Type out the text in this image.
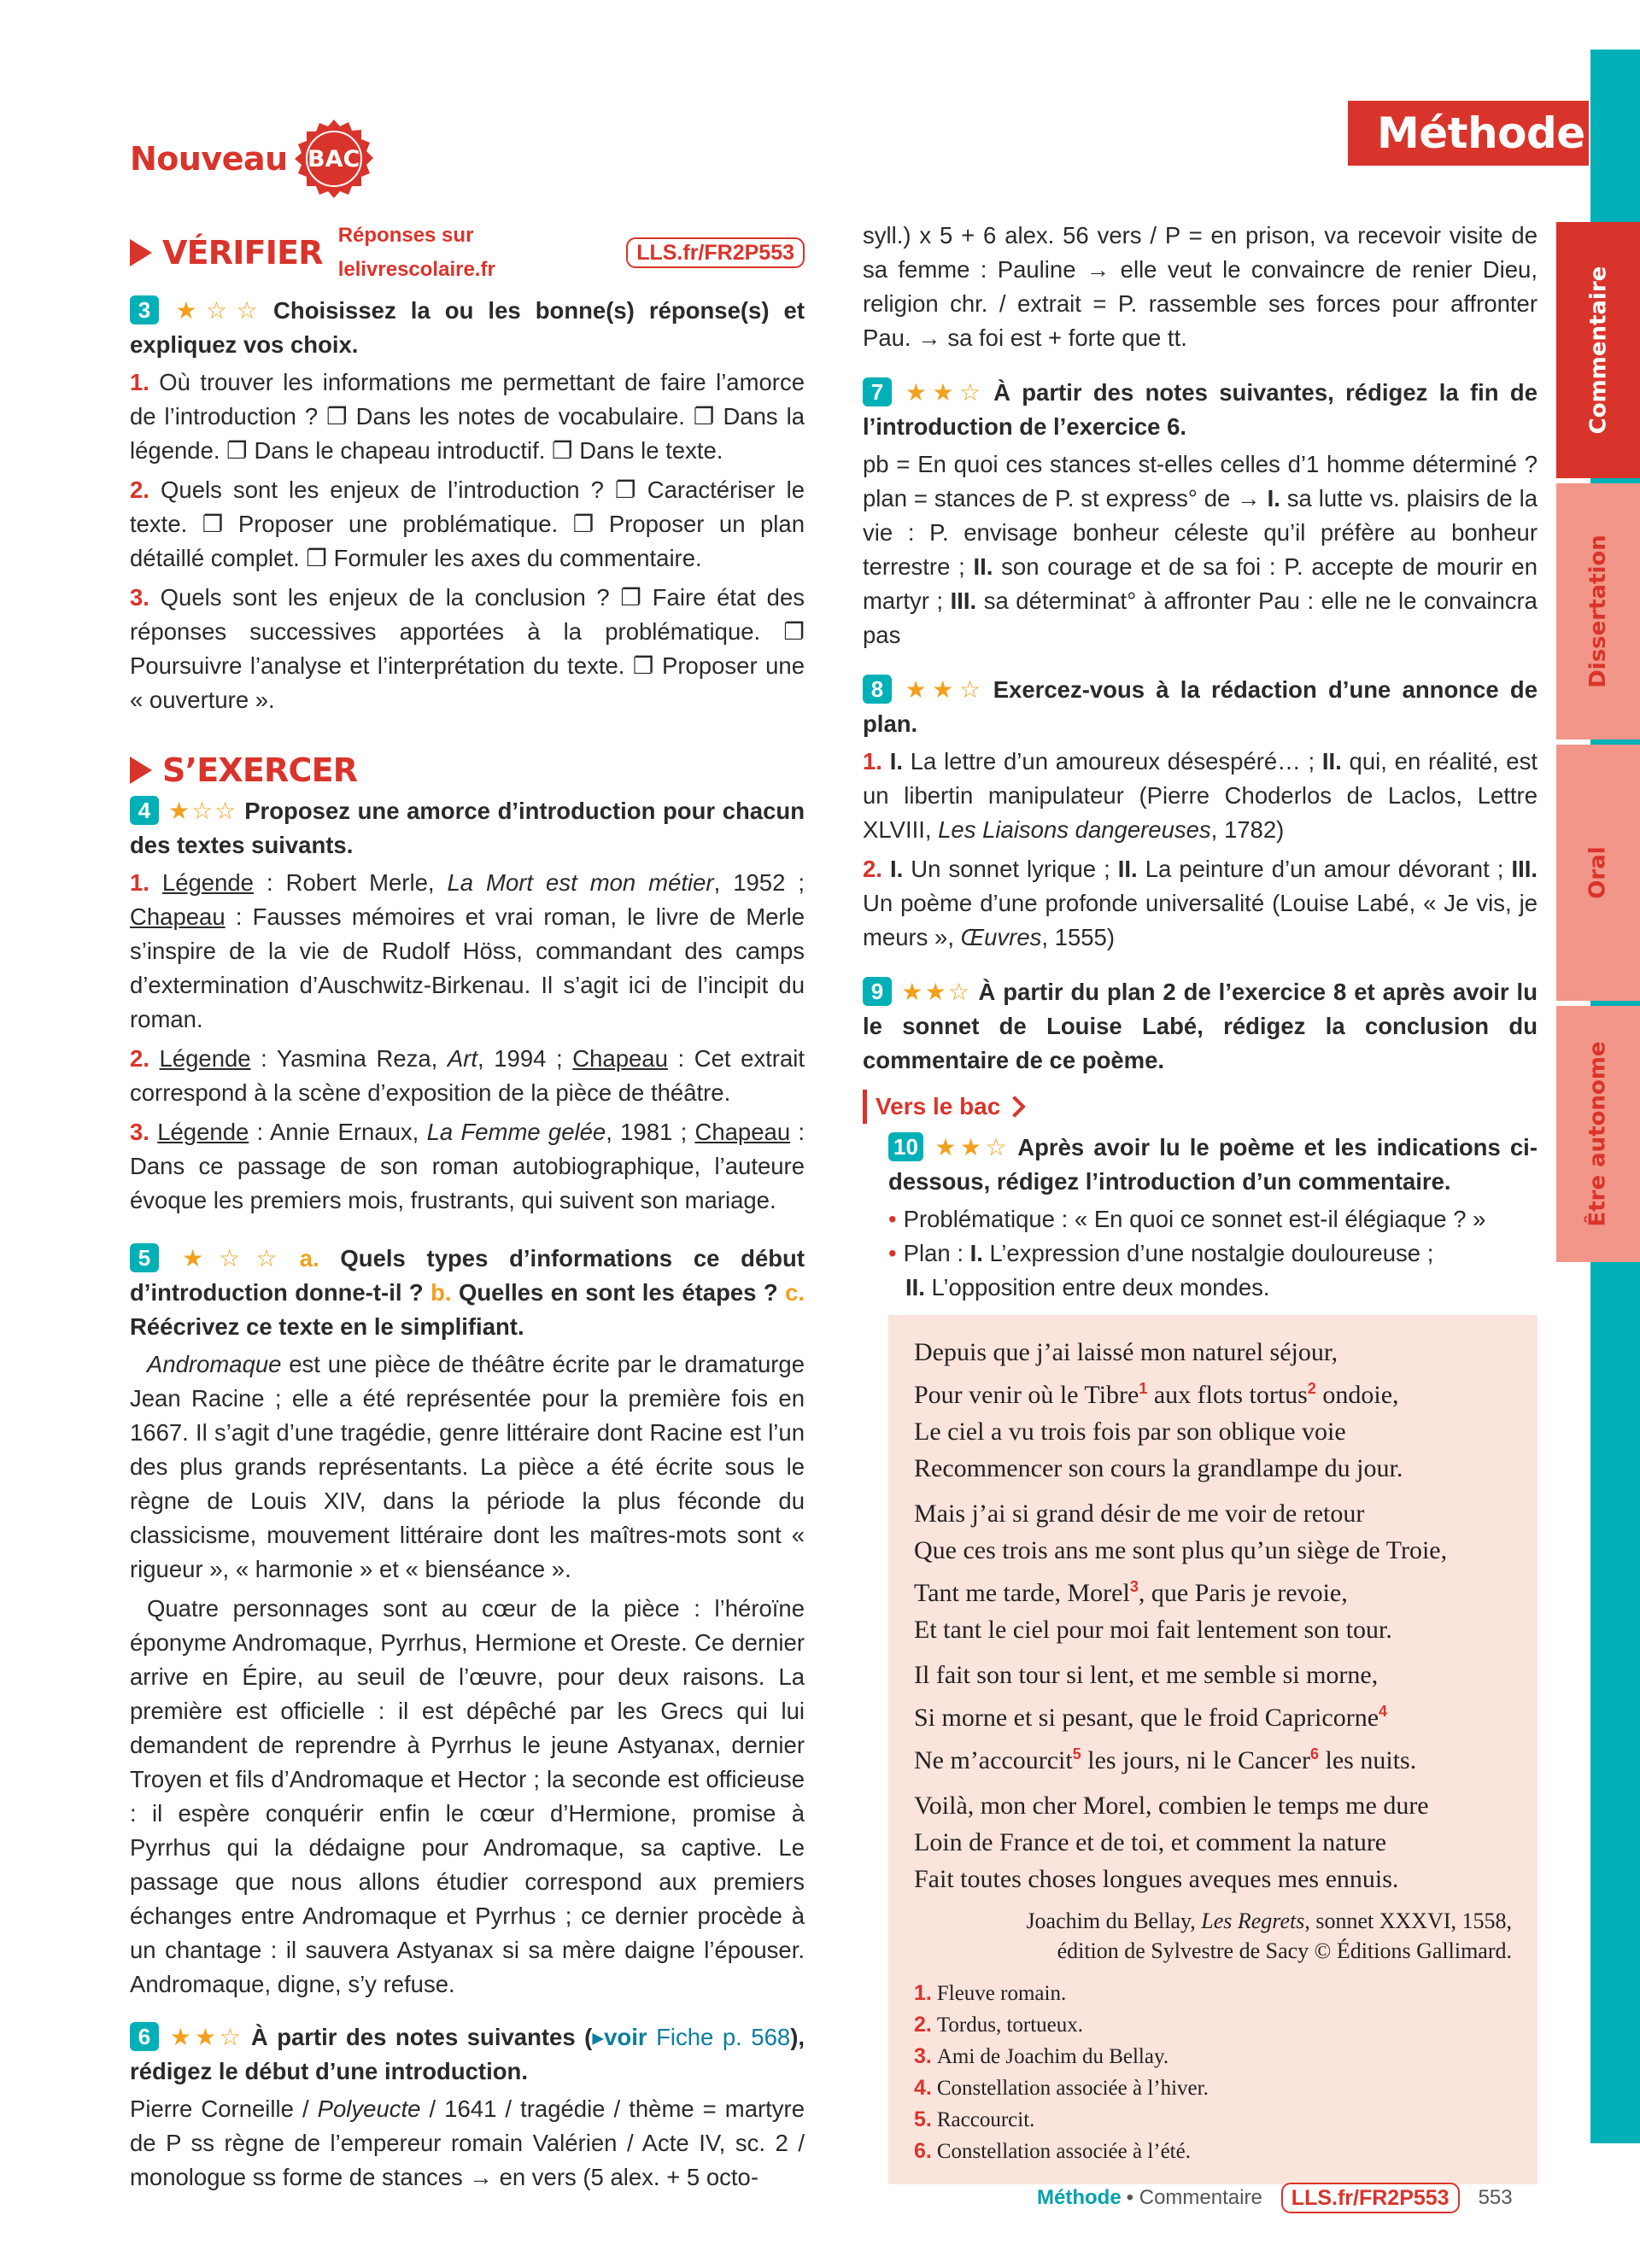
Nouveau BAC
Méthode
Commentaire
Dissertation
Oral
Être autonome
VÉRIFIER Réponses sur lelivrescolaire.fr
LLS.fr/FR2P553
3 ★☆☆ Choisissez la ou les bonne(s) réponse(s) et expliquez vos choix.
1. Où trouver les informations me permettant de faire l’amorce de l’introduction ? ❐ Dans les notes de vocabulaire. ❐ Dans la légende. ❐ Dans le chapeau introductif. ❐ Dans le texte.
2. Quels sont les enjeux de l’introduction ? ❐ Caractériser le texte. ❐ Proposer une problématique. ❐ Proposer un plan détaillé complet. ❐ Formuler les axes du commentaire.
3. Quels sont les enjeux de la conclusion ? ❐ Faire état des réponses successives apportées à la problématique. ❐ Poursuivre l’analyse et l’interprétation du texte. ❐ Proposer une « ouverture ».
S’EXERCER
4 ★☆☆ Proposez une amorce d’introduction pour chacun des textes suivants.
1. Légende : Robert Merle, La Mort est mon métier, 1952 ; Chapeau : Fausses mémoires et vrai roman, le livre de Merle s’inspire de la vie de Rudolf Höss, commandant des camps d’extermination d’Auschwitz-Birkenau. Il s’agit ici de l’incipit du roman.
2. Légende : Yasmina Reza, Art, 1994 ; Chapeau : Cet extrait correspond à la scène d’exposition de la pièce de théâtre.
3. Légende : Annie Ernaux, La Femme gelée, 1981 ; Chapeau : Dans ce passage de son roman autobiographique, l’auteure évoque les premiers mois, frustrants, qui suivent son mariage.
5 ★☆☆ a. Quels types d’informations ce début d’introduction donne-t-il ? b. Quelles en sont les étapes ? c. Réécrivez ce texte en le simplifiant.
Andromaque est une pièce de théâtre écrite par le dramaturge Jean Racine ; elle a été représentée pour la première fois en 1667. Il s’agit d’une tragédie, genre littéraire dont Racine est l’un des plus grands représentants. La pièce a été écrite sous le règne de Louis XIV, dans la période la plus féconde du classicisme, mouvement littéraire dont les maîtres-mots sont « rigueur », « harmonie » et « bienséance ».
Quatre personnages sont au cœur de la pièce : l’héroïne éponyme Andromaque, Pyrrhus, Hermione et Oreste. Ce dernier arrive en Épire, au seuil de l’œuvre, pour deux raisons. La première est officielle : il est dépêché par les Grecs qui lui demandent de reprendre à Pyrrhus le jeune Astyanax, dernier Troyen et fils d’Andromaque et Hector ; la seconde est officieuse : il espère conquérir enfin le cœur d’Hermione, promise à Pyrrhus qui la dédaigne pour Andromaque, sa captive. Le passage que nous allons étudier correspond aux premiers échanges entre Andromaque et Pyrrhus ; ce dernier procède à un chantage : il sauvera Astyanax si sa mère daigne l’épouser. Andromaque, digne, s’y refuse.
6 ★★☆ À partir des notes suivantes (▸voir Fiche p. 568), rédigez le début d’une introduction.
Pierre Corneille / Polyeucte / 1641 / tragédie / thème = martyre de P ss règne de l’empereur romain Valérien / Acte IV, sc. 2 / monologue ss forme de stances → en vers (5 alex. + 5 octo-
syll.) x 5 + 6 alex. 56 vers / P = en prison, va recevoir visite de sa femme : Pauline → elle veut le convaincre de renier Dieu, religion chr. / extrait = P. rassemble ses forces pour affronter Pau. → sa foi est + forte que tt.
7 ★★☆ À partir des notes suivantes, rédigez la fin de l’introduction de l’exercice 6.
pb = En quoi ces stances st-elles celles d’1 homme déterminé ? plan = stances de P. st express° de → I. sa lutte vs. plaisirs de la vie : P. envisage bonheur céleste qu’il préfère au bonheur terrestre ; II. son courage et de sa foi : P. accepte de mourir en martyr ; III. sa déterminat° à affronter Pau : elle ne le convaincra pas
8 ★★☆ Exercez-vous à la rédaction d’une annonce de plan.
1. I. La lettre d’un amoureux désespéré… ; II. qui, en réalité, est un libertin manipulateur (Pierre Choderlos de Laclos, Lettre XLVIII, Les Liaisons dangereuses, 1782)
2. I. Un sonnet lyrique ; II. La peinture d’un amour dévorant ; III. Un poème d’une profonde universalité (Louise Labé, « Je vis, je meurs », Œuvres, 1555)
9 ★★☆ À partir du plan 2 de l’exercice 8 et après avoir lu le sonnet de Louise Labé, rédigez la conclusion du commentaire de ce poème.
Vers le bac
10 ★★☆ Après avoir lu le poème et les indications ci-dessous, rédigez l’introduction d’un commentaire.
• Problématique : « En quoi ce sonnet est-il élégiaque ? »
• Plan : I. L’expression d’une nostalgie douloureuse ;
II. L’opposition entre deux mondes.
Depuis que j’ai laissé mon naturel séjour,
Pour venir où le Tibre$^1$ aux flots tortus$^2$ ondoie,
Le ciel a vu trois fois par son oblique voie
Recommencer son cours la grandlampe du jour.
Mais j’ai si grand désir de me voir de retour
Que ces trois ans me sont plus qu’un siège de Troie,
Tant me tarde, Morel$^3$, que Paris je revoie,
Et tant le ciel pour moi fait lentement son tour.
Il fait son tour si lent, et me semble si morne,
Si morne et si pesant, que le froid Capricorne$^4$
Ne m’accourcit$^5$ les jours, ni le Cancer$^6$ les nuits.
Voilà, mon cher Morel, combien le temps me dure
Loin de France et de toi, et comment la nature
Fait toutes choses longues aveques mes ennuis.
Joachim du Bellay, Les Regrets, sonnet XXXVI, 1558,
édition de Sylvestre de Sacy © Éditions Gallimard.
1. Fleuve romain.
2. Tordus, tortueux.
3. Ami de Joachim du Bellay.
4. Constellation associée à l’hiver.
5. Raccourcit.
6. Constellation associée à l’été.
Méthode • Commentaire	LLS.fr/FR2P553	553
